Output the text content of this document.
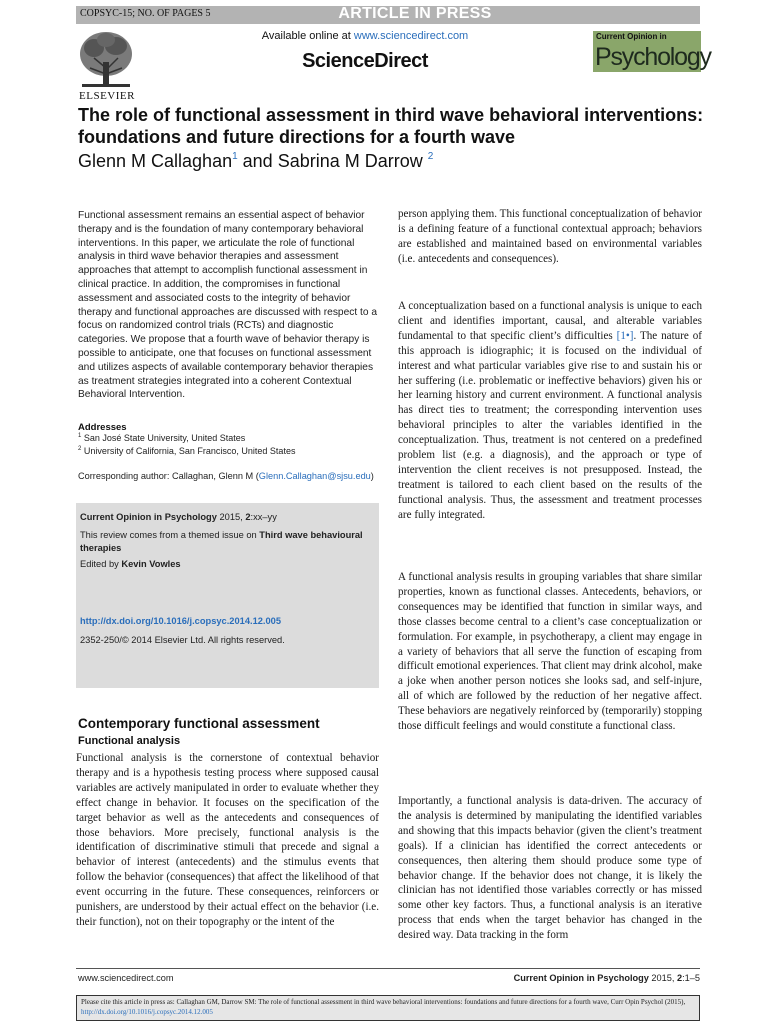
COPSYC-15; NO. OF PAGES 5	ARTICLE IN PRESS
ELSEVIER
Available online at www.sciencedirect.com
ScienceDirect
Current Opinion in
Psychology
The role of functional assessment in third wave behavioral interventions: foundations and future directions for a fourth wave
Glenn M Callaghan$^1$ and Sabrina M Darrow $^2$
Functional assessment remains an essential aspect of behavior therapy and is the foundation of many contemporary behavioral interventions. In this paper, we articulate the role of functional analysis in third wave behavior therapies and assessment approaches that attempt to accomplish functional assessment in clinical practice. In addition, the compromises in functional assessment and associated costs to the integrity of behavior therapy and functional approaches are discussed with respect to a focus on randomized control trials (RCTs) and diagnostic categories. We propose that a fourth wave of behavior therapy is possible to anticipate, one that focuses on functional assessment and utilizes aspects of available contemporary behavior therapies as treatment strategies integrated into a coherent Contextual Behavioral Intervention.
Addresses
$^1$ San José State University, United States
$^2$ University of California, San Francisco, United States
Corresponding author: Callaghan, Glenn M (Glenn.Callaghan@sjsu.edu)
Current Opinion in Psychology 2015, 2:xx–yy
This review comes from a themed issue on Third wave behavioural therapies
Edited by Kevin Vowles
http://dx.doi.org/10.1016/j.copsyc.2014.12.005
2352-250/© 2014 Elsevier Ltd. All rights reserved.
Contemporary functional assessment
Functional analysis
Functional analysis is the cornerstone of contextual behavior therapy and is a hypothesis testing process where supposed causal variables are actively manipulated in order to evaluate whether they effect change in behavior. It focuses on the specification of the target behavior as well as the antecedents and consequences of those behaviors. More precisely, functional analysis is the identification of discriminative stimuli that precede and signal a behavior of interest (antecedents) and the stimulus events that follow the behavior (consequences) that affect the likelihood of that event occurring in the future. These consequences, reinforcers or punishers, are understood by their actual effect on the behavior (i.e. their function), not on their topography or the intent of the
person applying them. This functional conceptualization of behavior is a defining feature of a functional contextual approach; behaviors are established and maintained based on environmental variables (i.e. antecedents and consequences).
A conceptualization based on a functional analysis is unique to each client and identifies important, causal, and alterable variables fundamental to that specific client’s difficulties [1•]. The nature of this approach is idiographic; it is focused on the individual of interest and what particular variables give rise to and sustain his or her suffering (i.e. problematic or ineffective behaviors) given his or her learning history and current environment. A functional analysis has direct ties to treatment; the corresponding intervention uses behavioral principles to alter the variables identified in the conceptualization. Thus, treatment is not centered on a predefined problem list (e.g. a diagnosis), and the approach or type of intervention the client receives is not presupposed. Instead, the treatment is tailored to each client based on the results of the functional analysis. Thus, the assessment and treatment processes are fully integrated.
A functional analysis results in grouping variables that share similar properties, known as functional classes. Antecedents, behaviors, or consequences may be identified that function in similar ways, and those classes become central to a client’s case conceptualization or formulation. For example, in psychotherapy, a client may engage in a variety of behaviors that all serve the function of escaping from difficult emotional experiences. That client may drink alcohol, make a joke when another person notices she looks sad, and self-injure, all of which are followed by the reduction of her negative affect. These behaviors are negatively reinforced by (temporarily) stopping those difficult feelings and would constitute a functional class.
Importantly, a functional analysis is data-driven. The accuracy of the analysis is determined by manipulating the identified variables and showing that this impacts behavior (given the client’s treatment goals). If a clinician has identified the correct antecedents or consequences, then altering them should produce some type of behavior change. If the behavior does not change, it is likely the clinician has not identified those variables correctly or has missed some other key factors. Thus, a functional analysis is an iterative process that ends when the target behavior has changed in the desired way. Data tracking in the form
www.sciencedirect.com	Current Opinion in Psychology 2015, 2:1–5
Please cite this article in press as: Callaghan GM, Darrow SM: The role of functional assessment in third wave behavioral interventions: foundations and future directions for a fourth wave, Curr Opin Psychol (2015), http://dx.doi.org/10.1016/j.copsyc.2014.12.005
